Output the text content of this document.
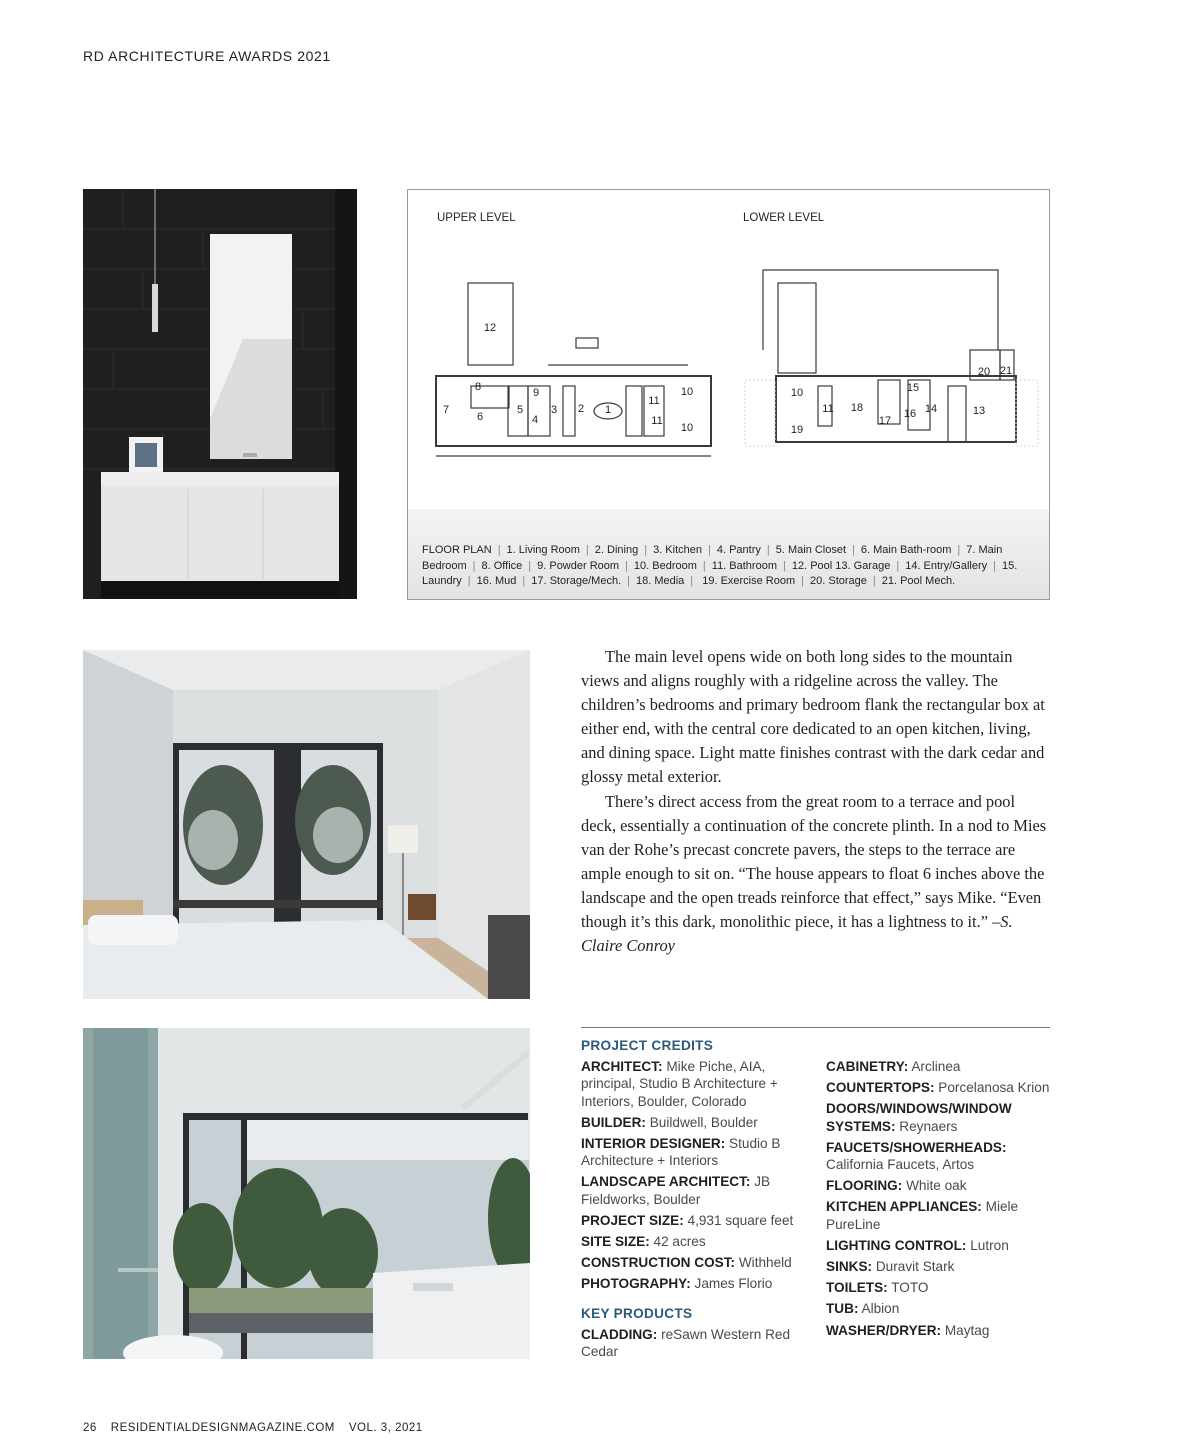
RD ARCHITECTURE AWARDS 2021
UPPER LEVEL	LOWER LEVEL
12
8
7
6
5
9
3 2 1
4
10
11
11
10
20 21
10
11 18
15
14	13
17
16
19

FLOOR PLAN | 1. Living Room | 2. Dining | 3. Kitchen | 4. Pantry | 5. Main Closet | 6. Main Bath-room | 7. Main Bedroom | 8. Office | 9. Powder Room | 10. Bedroom | 11. Bathroom | 12. Pool 13. Garage | 14. Entry/Gallery | 15. Laundry | 16. Mud | 17. Storage/Mech. | 18. Media | 19. Exercise Room | 20. Storage | 21. Pool Mech.

The main level opens wide on both long sides to the mountain views and aligns roughly with a ridgeline across the valley. The children’s bedrooms and primary bedroom flank the rectangular box at either end, with the central core dedicated to an open kitchen, living, and dining space. Light matte finishes contrast with the dark cedar and glossy metal exterior.

There’s direct access from the great room to a terrace and pool deck, essentially a continuation of the concrete plinth. In a nod to Mies van der Rohe’s precast concrete pavers, the steps to the terrace are ample enough to sit on. “The house appears to float 6 inches above the landscape and the open treads reinforce that effect,” says Mike. “Even though it’s this dark, monolithic piece, it has a lightness to it.” –S. Claire Conroy

PROJECT CREDITS
ARCHITECT: Mike Piche, AIA, principal, Studio B Architecture + Interiors, Boulder, Colorado
BUILDER: Buildwell, Boulder
INTERIOR DESIGNER: Studio B Architecture + Interiors
LANDSCAPE ARCHITECT: JB Fieldworks, Boulder
PROJECT SIZE: 4,931 square feet
SITE SIZE: 42 acres
CONSTRUCTION COST: Withheld
PHOTOGRAPHY: James Florio
KEY PRODUCTS
CLADDING: reSawn Western Red Cedar
CABINETRY: Arclinea
COUNTERTOPS: Porcelanosa Krion
DOORS/WINDOWS/WINDOW SYSTEMS: Reynaers
FAUCETS/SHOWERHEADS: California Faucets, Artos
FLOORING: White oak
KITCHEN APPLIANCES: Miele PureLine
LIGHTING CONTROL: Lutron
SINKS: Duravit Stark
TOILETS: TOTO
TUB: Albion
WASHER/DRYER: Maytag
26 RESIDENTIALDESIGNMAGAZINE.COM VOL. 3, 2021
